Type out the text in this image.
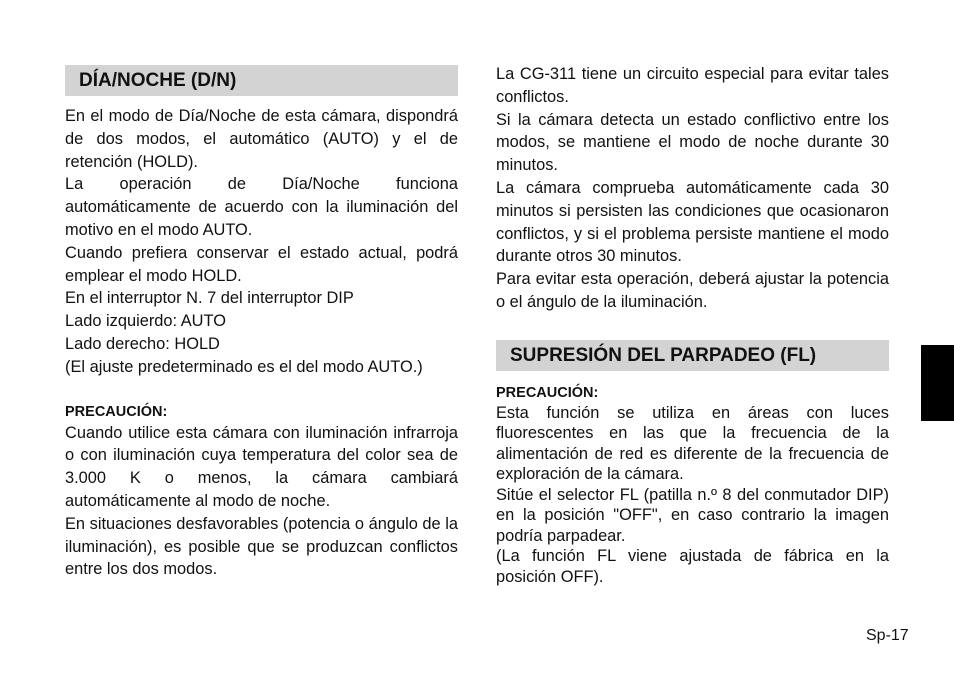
DÍA/NOCHE (D/N)

En el modo de Día/Noche de esta cámara, dispondrá de dos modos, el automático (AUTO) y el de retención (HOLD).

La operación de Día/Noche funciona automáticamente de acuerdo con la iluminación del motivo en el modo AUTO.

Cuando prefiera conservar el estado actual, podrá emplear el modo HOLD.

En el interruptor N. 7 del interruptor DIP

Lado izquierdo: AUTO

Lado derecho: HOLD

(El ajuste predeterminado es el del modo AUTO.)

PRECAUCIÓN:

Cuando utilice esta cámara con iluminación infrarroja o con iluminación cuya temperatura del color sea de 3.000 K o menos, la cámara cambiará automáticamente al modo de noche.

En situaciones desfavorables (potencia o ángulo de la iluminación), es posible que se produzcan conflictos entre los dos modos.

La CG-311 tiene un circuito especial para evitar tales conflictos.

Si la cámara detecta un estado conflictivo entre los modos, se mantiene el modo de noche durante 30 minutos.

La cámara comprueba automáticamente cada 30 minutos si persisten las condiciones que ocasionaron conflictos, y si el problema persiste mantiene el modo durante otros 30 minutos.

Para evitar esta operación, deberá ajustar la potencia o el ángulo de la iluminación.

SUPRESIÓN DEL PARPADEO (FL)

PRECAUCIÓN:

Esta función se utiliza en áreas con luces fluorescentes en las que la frecuencia de la alimentación de red es diferente de la frecuencia de exploración de la cámara.

Sitúe el selector FL (patilla n.º 8 del conmutador DIP) en la posición "OFF", en caso contrario la imagen podría parpadear.

(La función FL viene ajustada de fábrica en la posición OFF).

Sp-17
